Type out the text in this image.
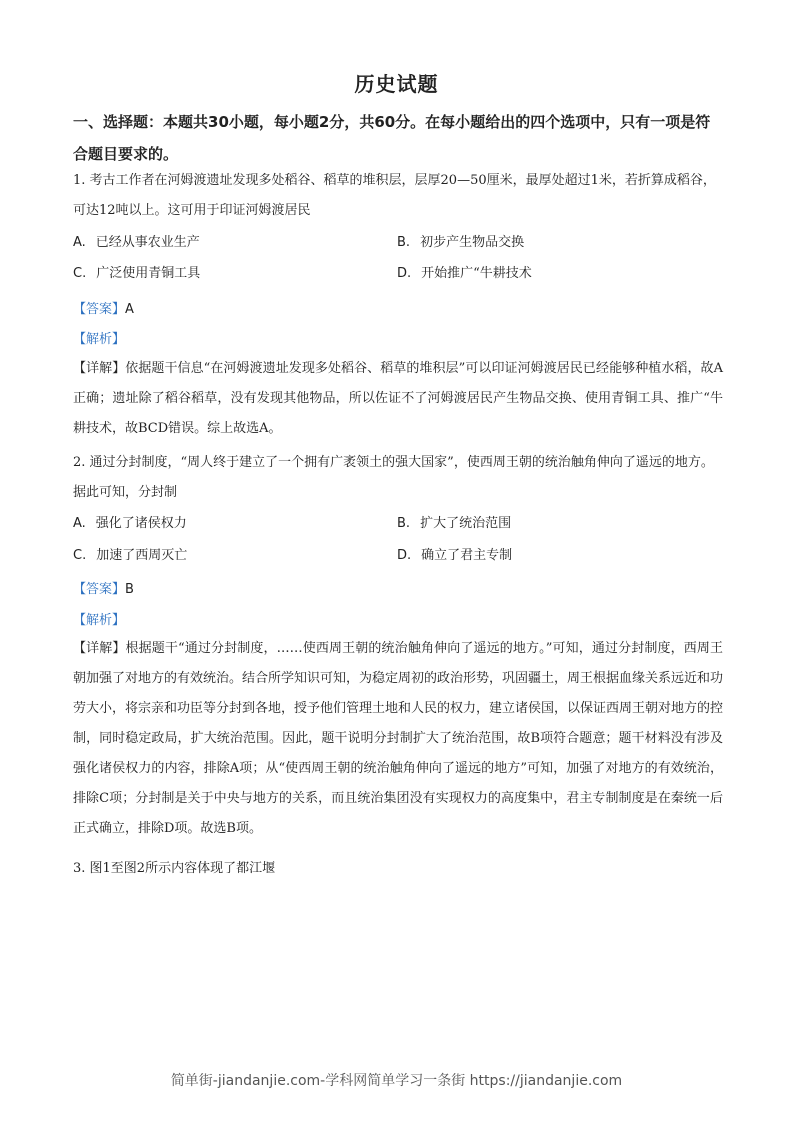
历史试题
一、选择题：本题共30小题，每小题2分，共60分。在每小题给出的四个选项中，只有一项是符合题目要求的。
1. 考古工作者在河姆渡遗址发现多处稻谷、稻草的堆积层，层厚20—50厘米，最厚处超过1米，若折算成稻谷，可达12吨以上。这可用于印证河姆渡居民
A. 已经从事农业生产	B. 初步产生物品交换
C. 广泛使用青铜工具	D. 开始推广“牛耕技术
【答案】A
【解析】
【详解】依据题干信息“在河姆渡遗址发现多处稻谷、稻草的堆积层”可以印证河姆渡居民已经能够种植水稻，故A正确；遗址除了稻谷稻草，没有发现其他物品，所以佐证不了河姆渡居民产生物品交换、使用青铜工具、推广“牛耕技术，故BCD错误。综上故选A。
2. 通过分封制度，“周人终于建立了一个拥有广袤领土的强大国家”，使西周王朝的统治触角伸向了遥远的地方。据此可知，分封制
A. 强化了诸侯权力	B. 扩大了统治范围
C. 加速了西周灭亡	D. 确立了君主专制
【答案】B
【解析】
【详解】根据题干“通过分封制度，……使西周王朝的统治触角伸向了遥远的地方。”可知，通过分封制度，西周王朝加强了对地方的有效统治。结合所学知识可知，为稳定周初的政治形势，巩固疆土，周王根据血缘关系远近和功劳大小，将宗亲和功臣等分封到各地，授予他们管理土地和人民的权力，建立诸侯国，以保证西周王朝对地方的控制，同时稳定政局，扩大统治范围。因此，题干说明分封制扩大了统治范围，故B项符合题意；题干材料没有涉及强化诸侯权力的内容，排除A项；从“使西周王朝的统治触角伸向了遥远的地方”可知，加强了对地方的有效统治，排除C项；分封制是关于中央与地方的关系，而且统治集团没有实现权力的高度集中，君主专制制度是在秦统一后正式确立，排除D项。故选B项。
3. 图1至图2所示内容体现了都江堰
简单街-jiandanjie.com-学科网简单学习一条街 https://jiandanjie.com
